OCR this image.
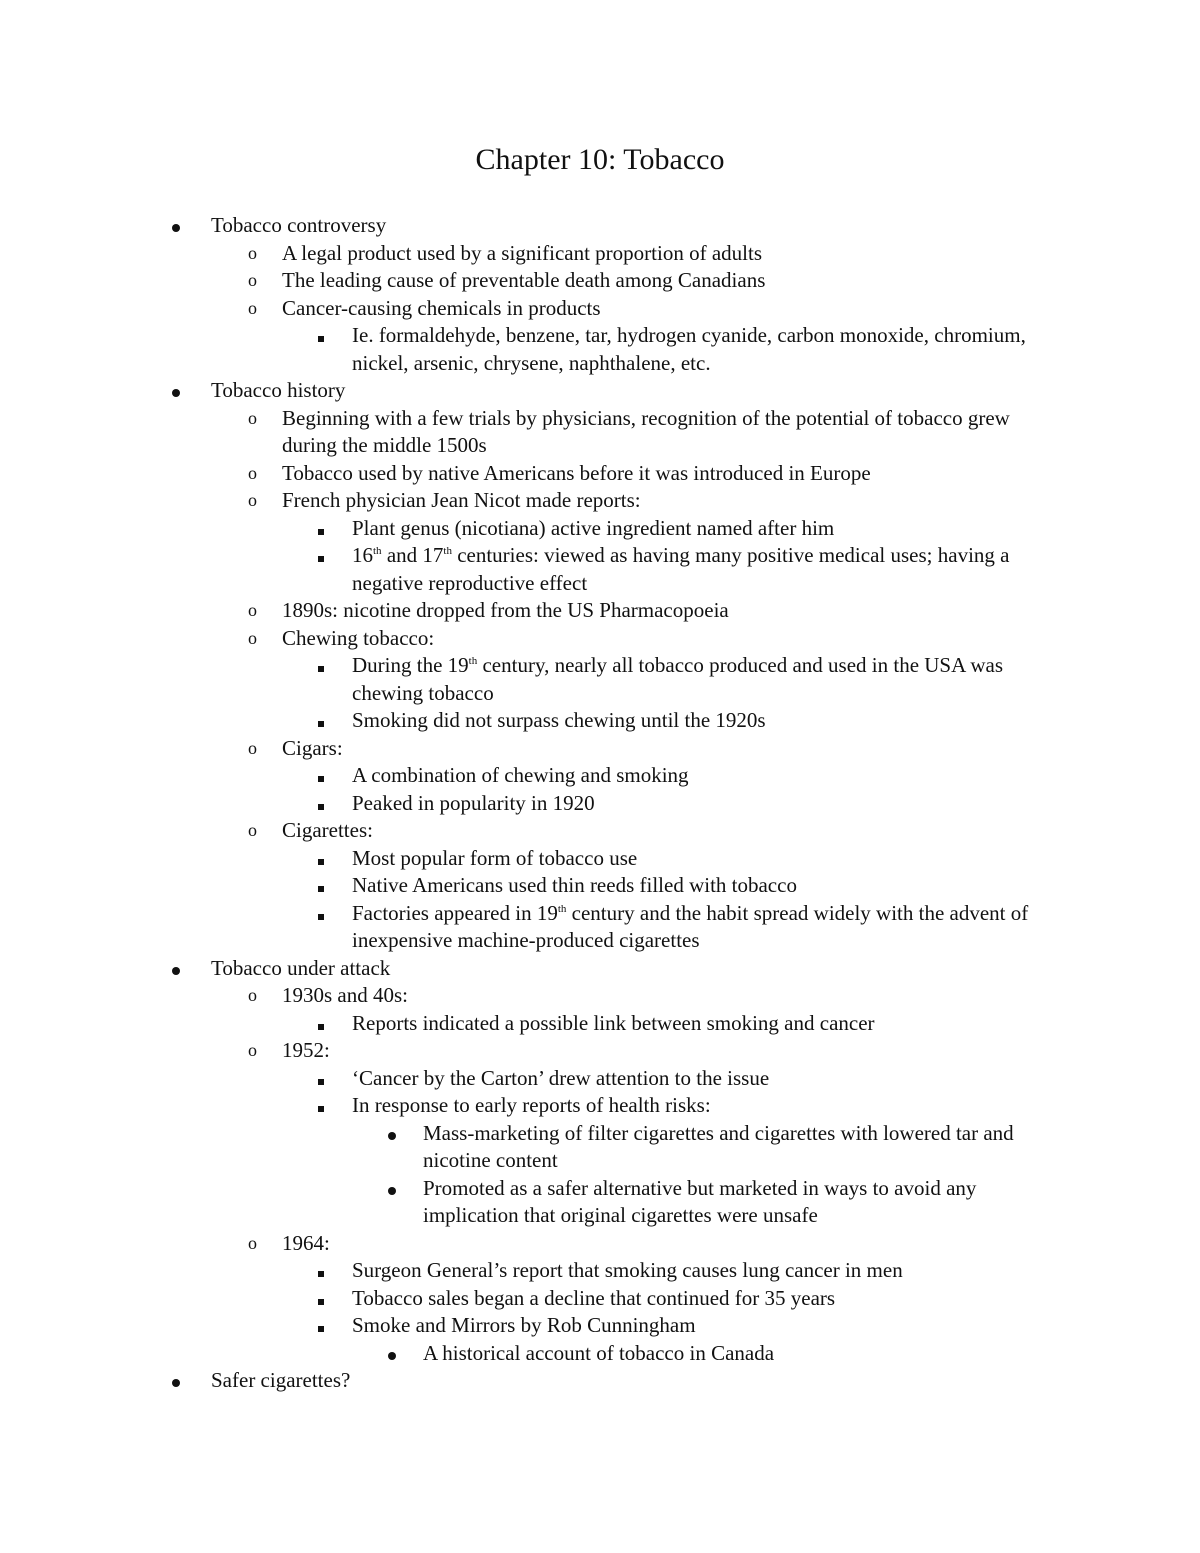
Chapter 10: Tobacco
Tobacco controversy
o A legal product used by a significant proportion of adults
o The leading cause of preventable death among Canadians
o Cancer-causing chemicals in products
Ie. formaldehyde, benzene, tar, hydrogen cyanide, carbon monoxide, chromium, nickel, arsenic, chrysene, naphthalene, etc.
Tobacco history
o Beginning with a few trials by physicians, recognition of the potential of tobacco grew during the middle 1500s
o Tobacco used by native Americans before it was introduced in Europe
o French physician Jean Nicot made reports:
Plant genus (nicotiana) active ingredient named after him
16th and 17th centuries: viewed as having many positive medical uses; having a negative reproductive effect
o 1890s: nicotine dropped from the US Pharmacopoeia
o Chewing tobacco:
During the 19th century, nearly all tobacco produced and used in the USA was chewing tobacco
Smoking did not surpass chewing until the 1920s
o Cigars:
A combination of chewing and smoking
Peaked in popularity in 1920
o Cigarettes:
Most popular form of tobacco use
Native Americans used thin reeds filled with tobacco
Factories appeared in 19th century and the habit spread widely with the advent of inexpensive machine-produced cigarettes
Tobacco under attack
o 1930s and 40s:
Reports indicated a possible link between smoking and cancer
o 1952:
‘Cancer by the Carton’ drew attention to the issue
In response to early reports of health risks:
Mass-marketing of filter cigarettes and cigarettes with lowered tar and nicotine content
Promoted as a safer alternative but marketed in ways to avoid any implication that original cigarettes were unsafe
o 1964:
Surgeon General’s report that smoking causes lung cancer in men
Tobacco sales began a decline that continued for 35 years
Smoke and Mirrors by Rob Cunningham
A historical account of tobacco in Canada
Safer cigarettes?
